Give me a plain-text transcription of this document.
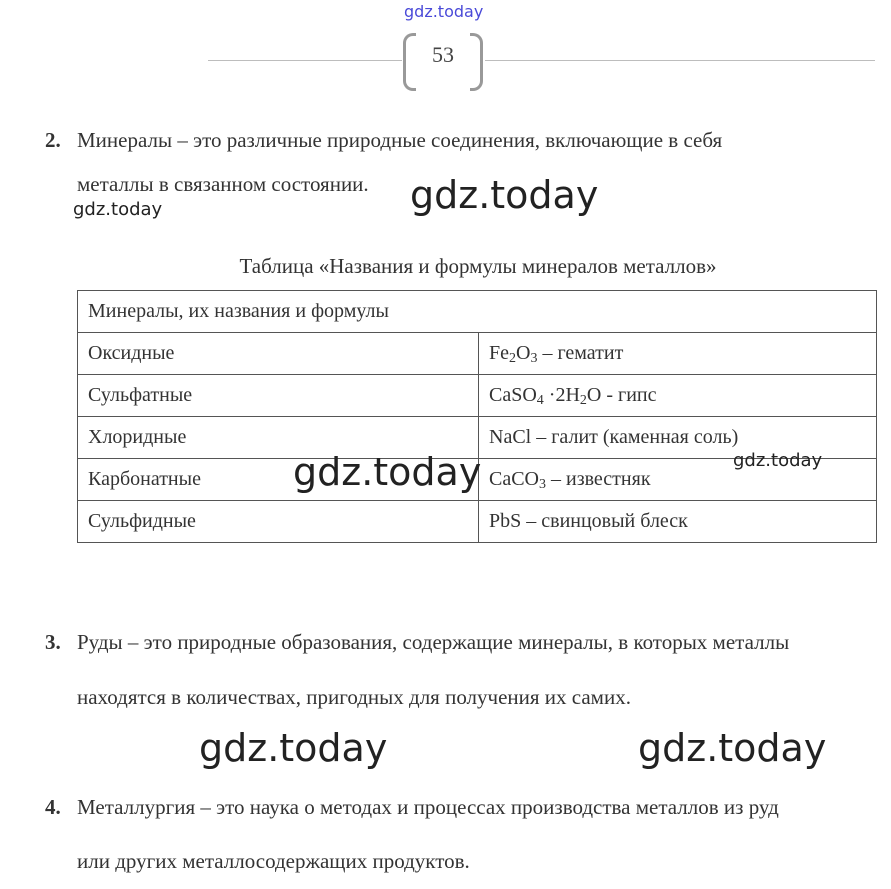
gdz.today
53
2. Минералы – это различные природные соединения, включающие в себя
металлы в связанном состоянии.
Таблица «Названия и формулы минералов металлов»
Минералы, их названия и формулы	
Оксидные	$Fe_2O_3$ – гематит
Сульфатные	CaSO$_4$ $\cdot 2H_2O$ - гипс
Хлоридные	NaCl – галит (каменная соль)
Карбонатные	CaCO$_3$ – известняк
Сульфидные	PbS – свинцовый блеск
3. Руды – это природные образования, содержащие минералы, в которых металлы
находятся в количествах, пригодных для получения их самих.
4. Металлургия – это наука о методах и процессах производства металлов из руд
или других металлосодержащих продуктов.
gdz.today
gdz.today
gdz.today	gdz.today
gdz.today	gdz.today
